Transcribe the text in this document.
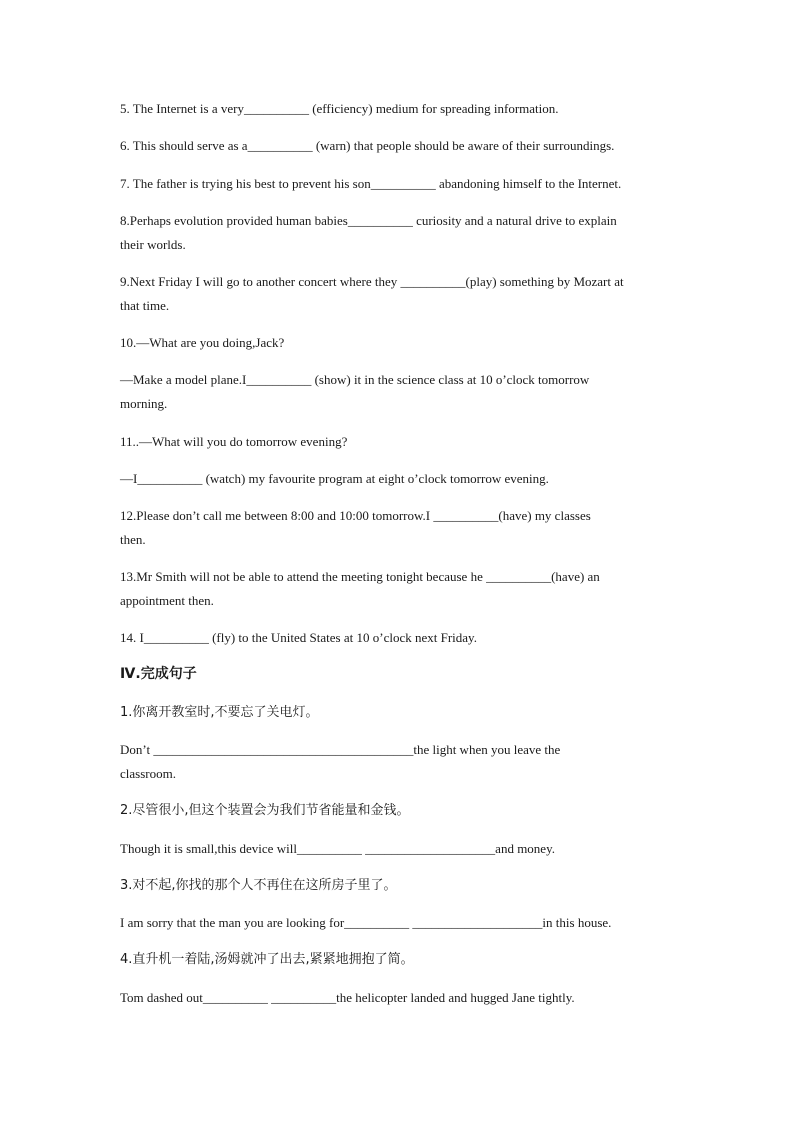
5. The Internet is a very__________ (efficiency) medium for spreading information.

6. This should serve as a__________ (warn) that people should be aware of their surroundings.

7. The father is trying his best to prevent his son__________ abandoning himself to the Internet.

8.Perhaps evolution provided human babies__________ curiosity and a natural drive to explain

their worlds.

9.Next Friday I will go to another concert where they __________(play) something by Mozart at

that time.

10.—What are you doing,Jack?

—Make a model plane.I__________ (show) it in the science class at 10 o’clock tomorrow

morning.

11..—What will you do tomorrow evening?

—I__________ (watch) my favourite program at eight o’clock tomorrow evening.

12.Please don’t call me between 8:00 and 10:00 tomorrow.I __________(have) my classes

then.

13.Mr Smith will not be able to attend the meeting tonight because he __________(have) an

appointment then.

14. I__________ (fly) to the United States at 10 o’clock next Friday.

Ⅳ.完成句子

1.你离开教室时,不要忘了关电灯。

Don’t ________________________________________the light when you leave the

classroom.

2.尽管很小,但这个装置会为我们节省能量和金钱。

Though it is small,this device will__________ ____________________and money.

3.对不起,你找的那个人不再住在这所房子里了。

I am sorry that the man you are looking for__________ ____________________in this house.

4.直升机一着陆,汤姆就冲了出去,紧紧地拥抱了简。

Tom dashed out__________ __________the helicopter landed and hugged Jane tightly.
